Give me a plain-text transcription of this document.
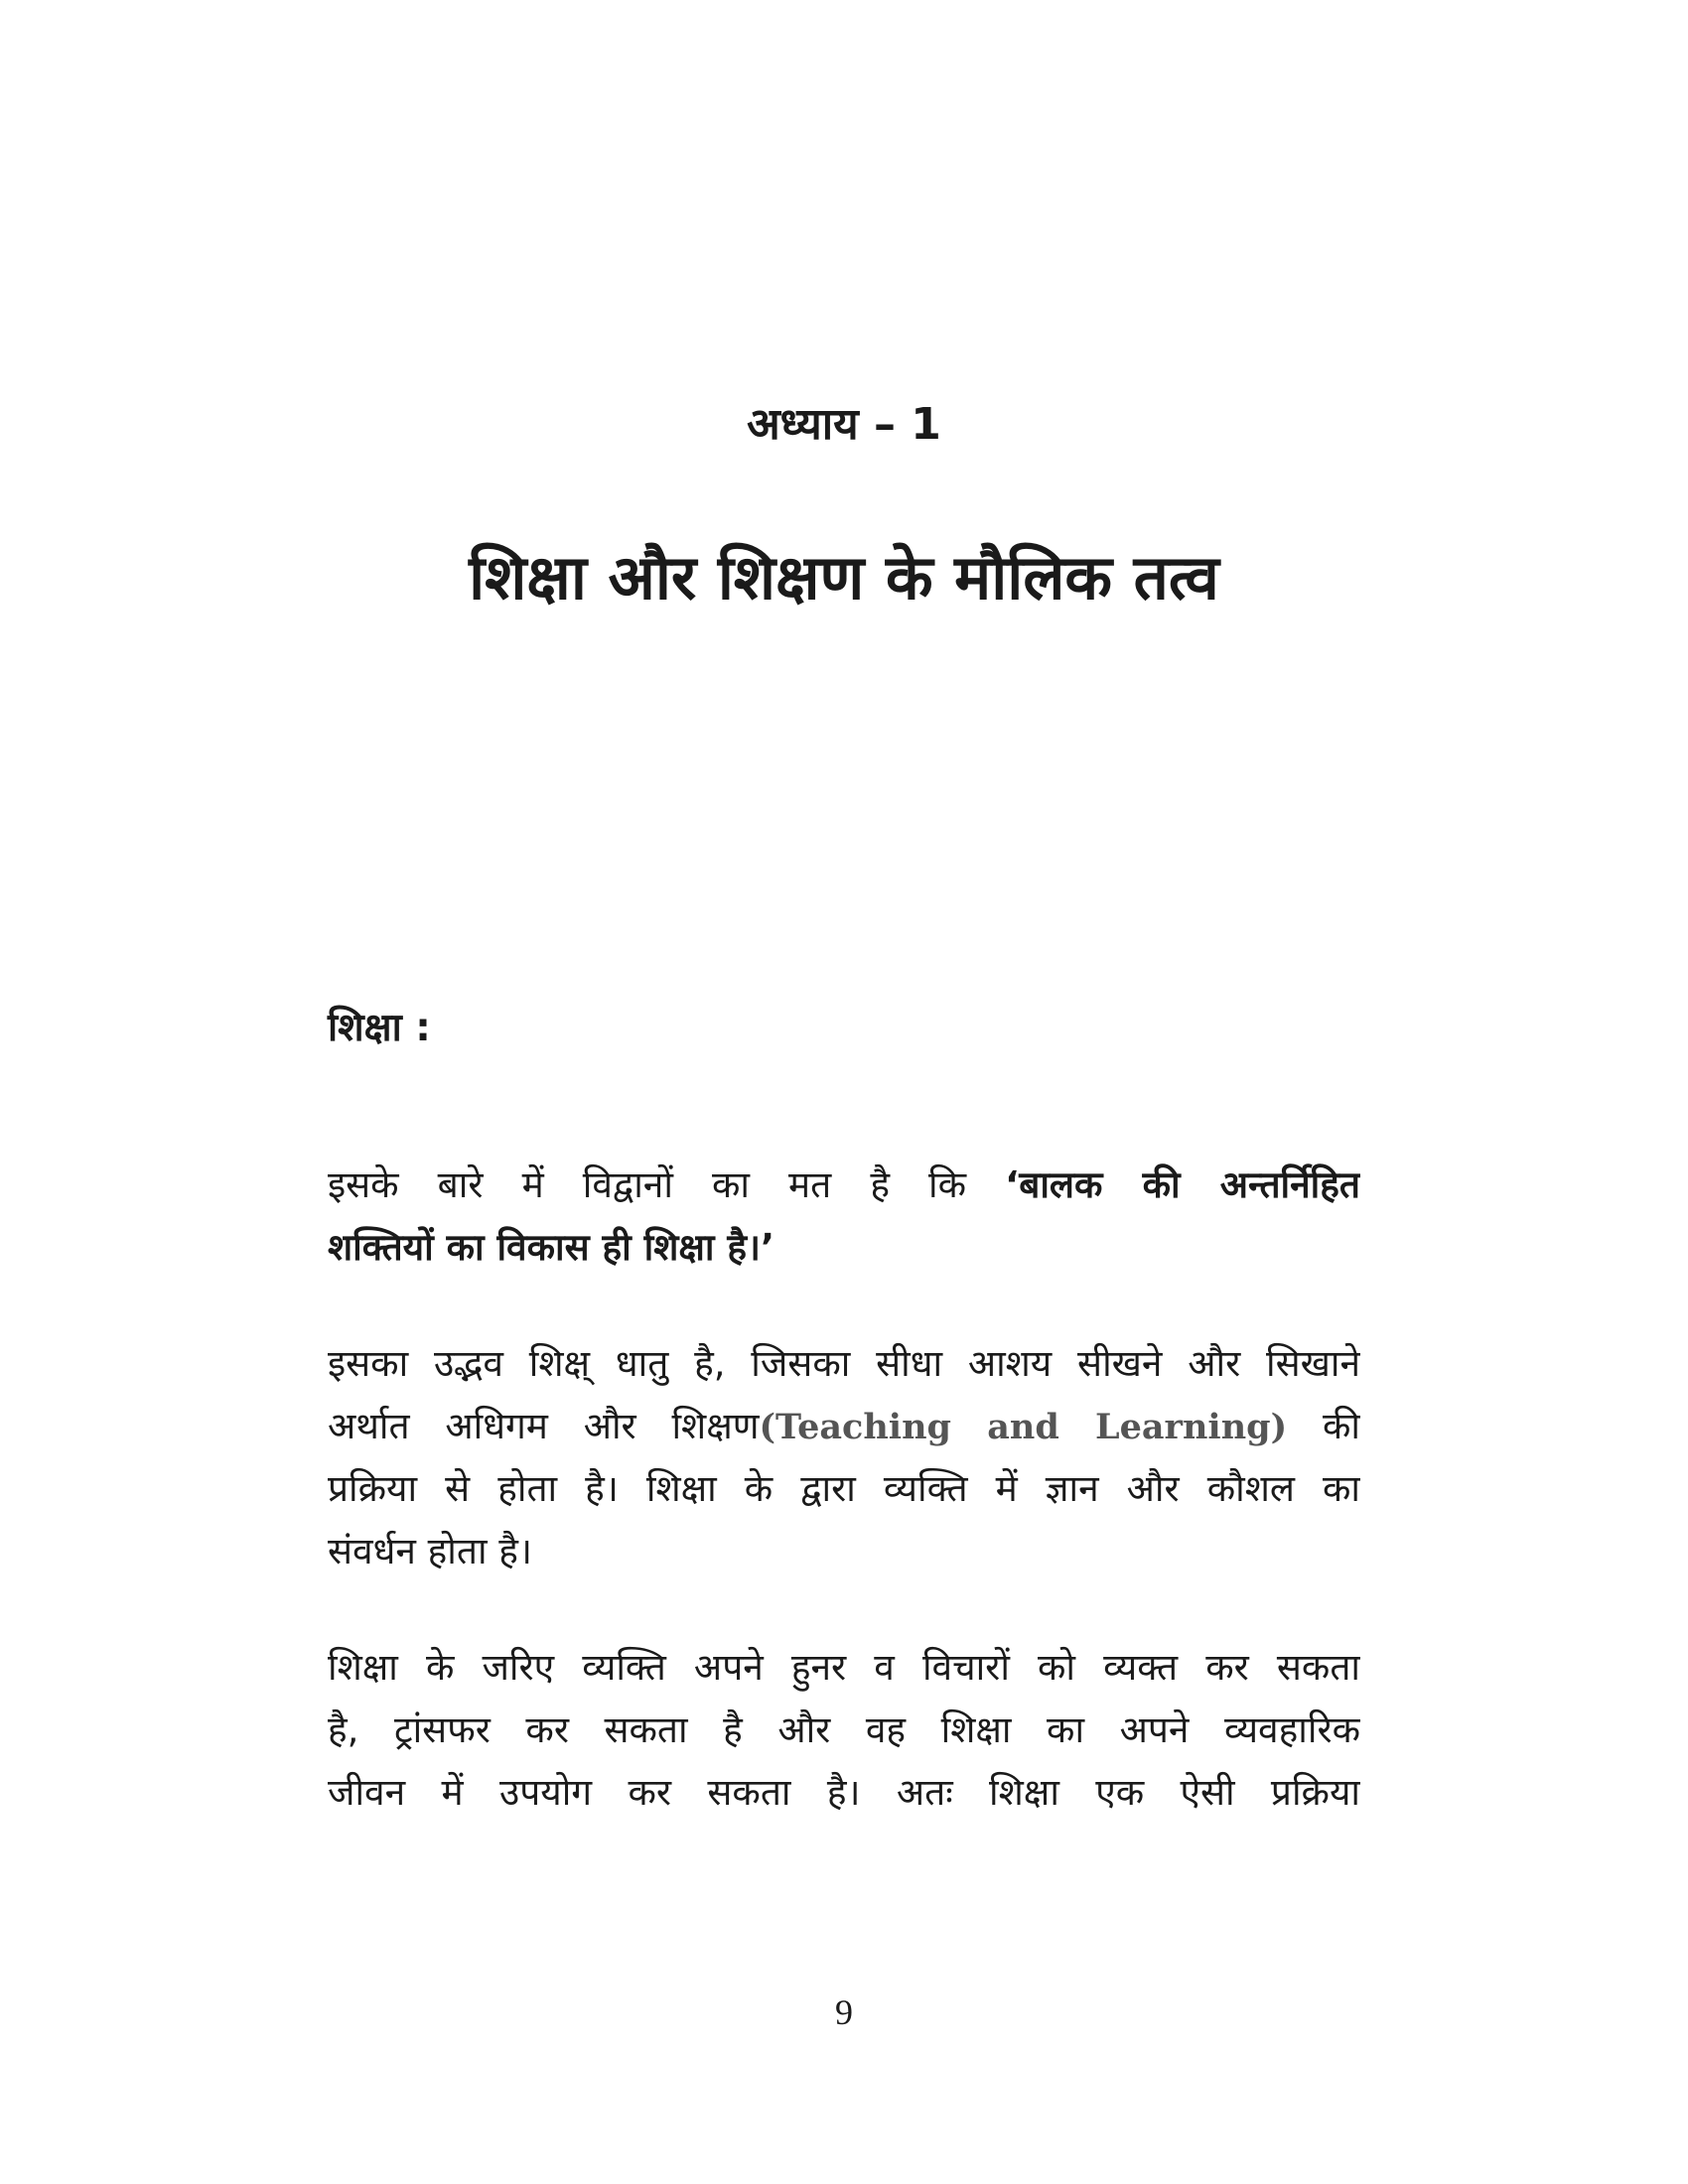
अध्याय – 1
शिक्षा और शिक्षण के मौलिक तत्व
शिक्षा :
इसके बारे में विद्वानों का मत है कि ‘बालक की अन्तर्निहित
शक्तियों का विकास ही शिक्षा है।’
इसका उद्भव शिक्ष् धातु है, जिसका सीधा आशय सीखने और सिखाने
अर्थात अधिगम और शिक्षण(Teaching and Learning) की
प्रक्रिया से होता है। शिक्षा के द्वारा व्यक्ति में ज्ञान और कौशल का
संवर्धन होता है।
शिक्षा के जरिए व्यक्ति अपने हुनर व विचारों को व्यक्त कर सकता
है, ट्रांसफर कर सकता है और वह शिक्षा का अपने व्यवहारिक
जीवन में उपयोग कर सकता है। अतः शिक्षा एक ऐसी प्रक्रिया
9
